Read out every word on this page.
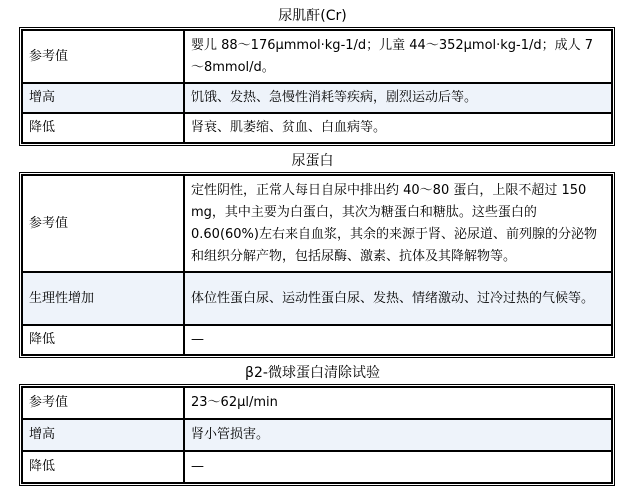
尿肌酐(Cr)
参考值	婴儿 88～176μmmol·kg-1/d；儿童 44～352μmol·kg-1/d；成人 7～8mmol/d。
增高	饥饿、发热、急慢性消耗等疾病，剧烈运动后等。
降低	肾衰、肌萎缩、贫血、白血病等。
尿蛋白
参考值	定性阴性，正常人每日自尿中排出约 40～80 蛋白，上限不超过 150 mg，其中主要为白蛋白，其次为糖蛋白和糖肽。这些蛋白的 0.60(60%)左右来自血浆，其余的来源于肾、泌尿道、前列腺的分泌物和组织分解产物，包括尿酶、激素、抗体及其降解物等。
生理性增加	体位性蛋白尿、运动性蛋白尿、发热、情绪激动、过冷过热的气候等。
降低	—
β2-微球蛋白清除试验
参考值	23～62μl/min
增高	肾小管损害。
降低	—
